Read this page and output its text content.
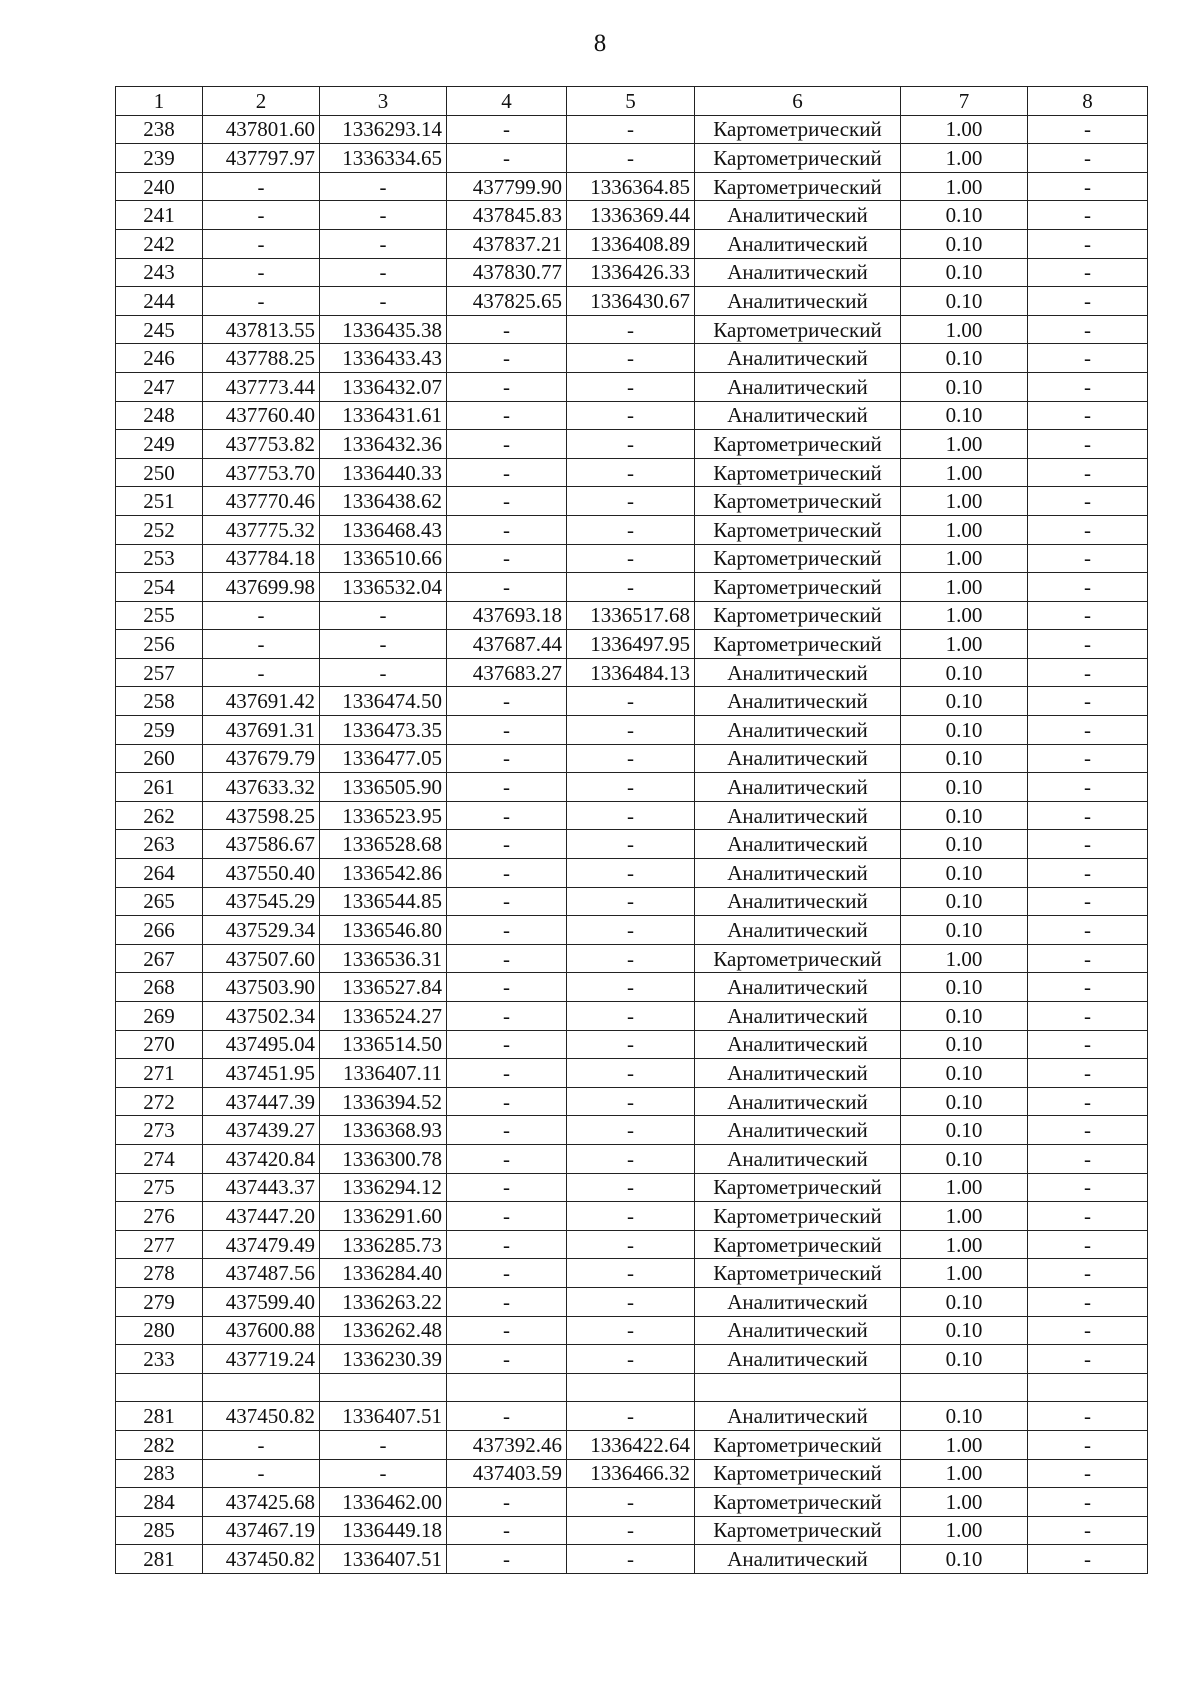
8
1	2	3	4	5	6	7	8
238	437801.60	1336293.14	-	-	Картометрический	1.00	-
239	437797.97	1336334.65	-	-	Картометрический	1.00	-
240	-	-	437799.90	1336364.85	Картометрический	1.00	-
241	-	-	437845.83	1336369.44	Аналитический	0.10	-
242	-	-	437837.21	1336408.89	Аналитический	0.10	-
243	-	-	437830.77	1336426.33	Аналитический	0.10	-
244	-	-	437825.65	1336430.67	Аналитический	0.10	-
245	437813.55	1336435.38	-	-	Картометрический	1.00	-
246	437788.25	1336433.43	-	-	Аналитический	0.10	-
247	437773.44	1336432.07	-	-	Аналитический	0.10	-
248	437760.40	1336431.61	-	-	Аналитический	0.10	-
249	437753.82	1336432.36	-	-	Картометрический	1.00	-
250	437753.70	1336440.33	-	-	Картометрический	1.00	-
251	437770.46	1336438.62	-	-	Картометрический	1.00	-
252	437775.32	1336468.43	-	-	Картометрический	1.00	-
253	437784.18	1336510.66	-	-	Картометрический	1.00	-
254	437699.98	1336532.04	-	-	Картометрический	1.00	-
255	-	-	437693.18	1336517.68	Картометрический	1.00	-
256	-	-	437687.44	1336497.95	Картометрический	1.00	-
257	-	-	437683.27	1336484.13	Аналитический	0.10	-
258	437691.42	1336474.50	-	-	Аналитический	0.10	-
259	437691.31	1336473.35	-	-	Аналитический	0.10	-
260	437679.79	1336477.05	-	-	Аналитический	0.10	-
261	437633.32	1336505.90	-	-	Аналитический	0.10	-
262	437598.25	1336523.95	-	-	Аналитический	0.10	-
263	437586.67	1336528.68	-	-	Аналитический	0.10	-
264	437550.40	1336542.86	-	-	Аналитический	0.10	-
265	437545.29	1336544.85	-	-	Аналитический	0.10	-
266	437529.34	1336546.80	-	-	Аналитический	0.10	-
267	437507.60	1336536.31	-	-	Картометрический	1.00	-
268	437503.90	1336527.84	-	-	Аналитический	0.10	-
269	437502.34	1336524.27	-	-	Аналитический	0.10	-
270	437495.04	1336514.50	-	-	Аналитический	0.10	-
271	437451.95	1336407.11	-	-	Аналитический	0.10	-
272	437447.39	1336394.52	-	-	Аналитический	0.10	-
273	437439.27	1336368.93	-	-	Аналитический	0.10	-
274	437420.84	1336300.78	-	-	Аналитический	0.10	-
275	437443.37	1336294.12	-	-	Картометрический	1.00	-
276	437447.20	1336291.60	-	-	Картометрический	1.00	-
277	437479.49	1336285.73	-	-	Картометрический	1.00	-
278	437487.56	1336284.40	-	-	Картометрический	1.00	-
279	437599.40	1336263.22	-	-	Аналитический	0.10	-
280	437600.88	1336262.48	-	-	Аналитический	0.10	-
233	437719.24	1336230.39	-	-	Аналитический	0.10	-

281	437450.82	1336407.51	-	-	Аналитический	0.10	-
282	-	-	437392.46	1336422.64	Картометрический	1.00	-
283	-	-	437403.59	1336466.32	Картометрический	1.00	-
284	437425.68	1336462.00	-	-	Картометрический	1.00	-
285	437467.19	1336449.18	-	-	Картометрический	1.00	-
281	437450.82	1336407.51	-	-	Аналитический	0.10	-
